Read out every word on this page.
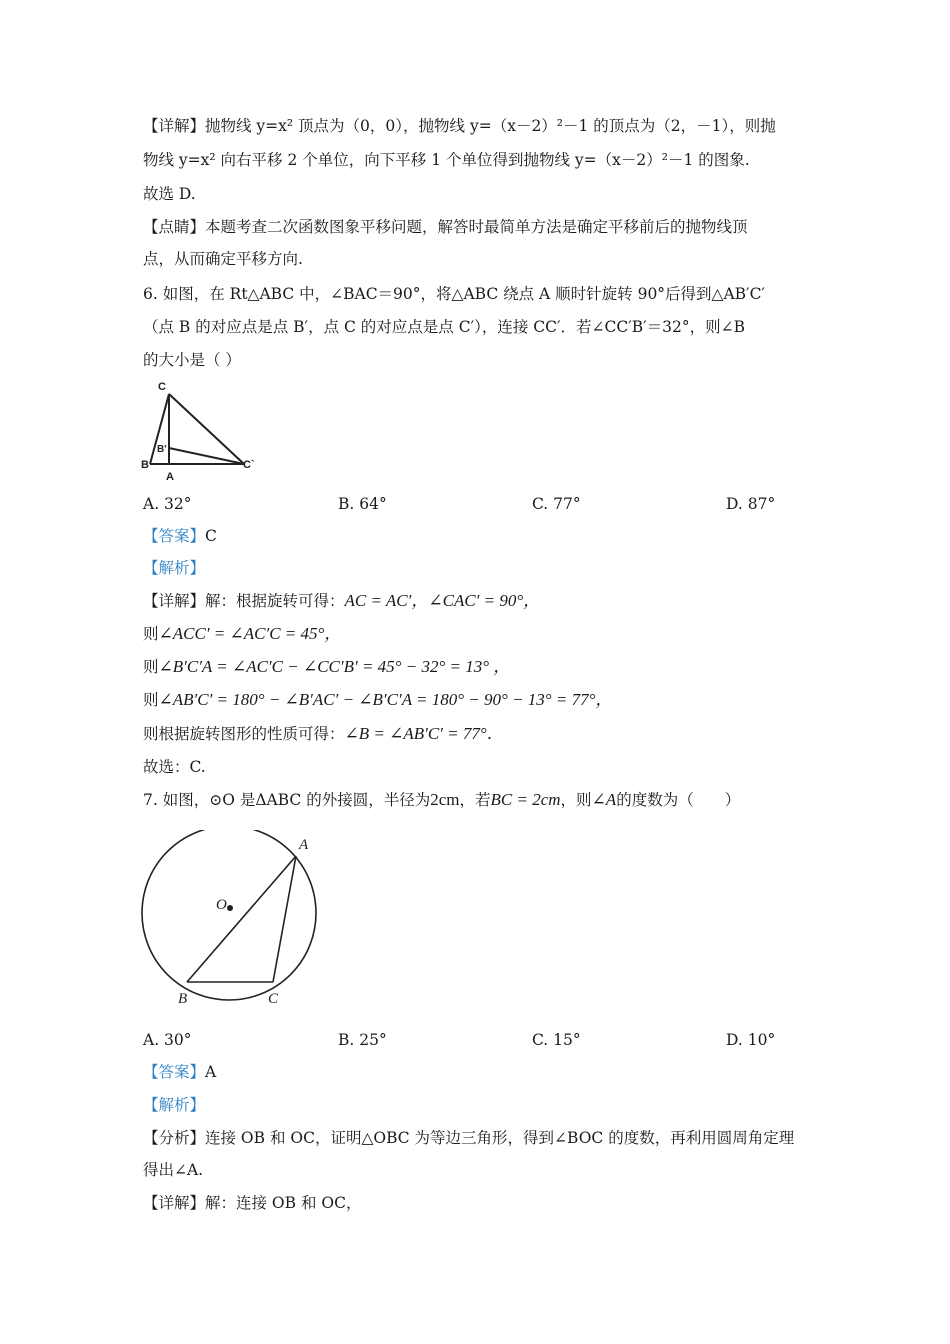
【详解】抛物线 y=x² 顶点为（0，0），抛物线 y=（x－2）²－1 的顶点为（2，－1），则抛
物线 y=x² 向右平移 2 个单位，向下平移 1 个单位得到抛物线 y=（x－2）²－1 的图象.
故选 D.
【点睛】本题考查二次函数图象平移问题，解答时最简单方法是确定平移前后的抛物线顶
点，从而确定平移方向.
6. 如图，在 Rt△ABC 中，∠BAC＝90°，将△ABC 绕点 A 顺时针旋转 90°后得到△AB′C′
（点 B 的对应点是点 B′，点 C 的对应点是点 C′），连接 CC′．若∠CC′B′＝32°，则∠B
的大小是（ ）
C
B'
B
A
C`
A. 32°	B. 64°	C. 77°	D. 87°
【答案】C
【解析】
【详解】解：根据旋转可得：AC = AC′，∠CAC′ = 90°，
则∠ACC′ = ∠AC′C = 45°，
则∠B′C′A = ∠AC′C − ∠CC′B′ = 45° − 32° = 13° ，
则∠AB′C′ = 180° − ∠B′AC′ − ∠B′C′A = 180° − 90° − 13° = 77°，
则根据旋转图形的性质可得：∠B = ∠AB′C′ = 77°．
故选：C.
7. 如图，⊙O 是ΔABC 的外接圆，半径为2cm，若BC = 2cm，则∠A的度数为（　　）
O
A
B	C
A. 30°	B. 25°	C. 15°	D. 10°
【答案】A
【解析】
【分析】连接 OB 和 OC，证明△OBC 为等边三角形，得到∠BOC 的度数，再利用圆周角定理
得出∠A.
【详解】解：连接 OB 和 OC，
